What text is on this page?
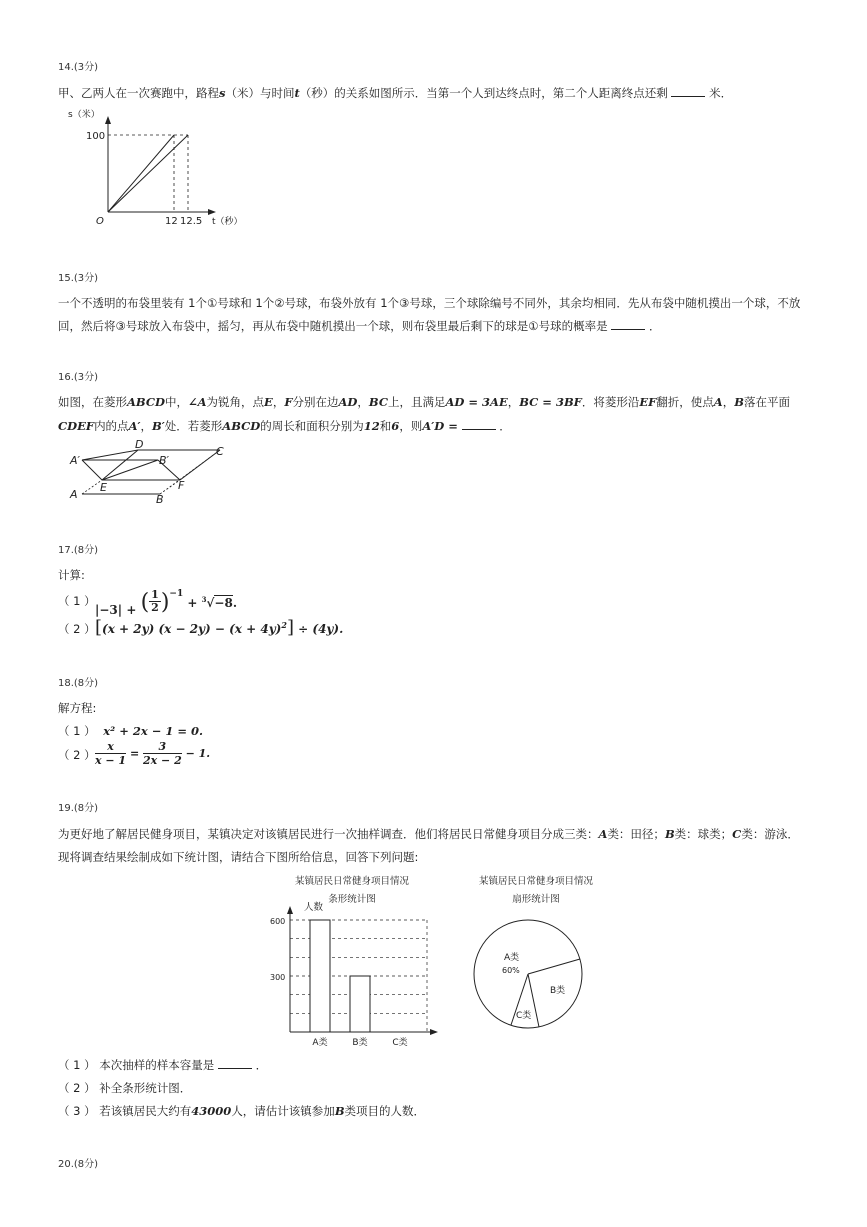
14.(3分)
甲、乙两人在一次赛跑中，路程s（米）与时间t（秒）的关系如图所示．当第一个人到达终点时，第二个人距离终点还剩	米．
s（米）
100
O	12 12.5 t（秒）
15.(3分)
一个不透明的布袋里装有 1个①号球和 1个②号球，布袋外放有 1个③号球，三个球除编号不同外，其余均相同．先从布袋中随机摸出一个球，不放
回，然后将③号球放入布袋中，摇匀，再从布袋中随机摸出一个球，则布袋里最后剩下的球是①号球的概率是	．
16.(3分)
如图，在菱形ABCD中，∠A为锐角，点E，F分别在边AD，BC上，且满足AD = 3AE，BC = 3BF．将菱形沿EF翻折，使点A，B落在平面
CDEF内的点A′，B′处．若菱形ABCD的周长和面积分别为12和6，则A′D =	．
A′
D
C
B′
E	F
A	B
17.(8分)
计算:
（ 1 ）
|−3| + ( $\frac{1}{2} )^{-1} + ^3√-8$.
（ 2 ） [(x + 2y) $(x - 2y) - (x + 4y)^2] \div (4y)$.
18.(8分)
解方程:
（ 1 ） x² + 2x − 1 = 0.
（ 2 ） $\frac{x}{x - 1} = \frac{3}{2x - 2} - 1$.
19.(8分)
为更好地了解居民健身项目，某镇决定对该镇居民进行一次抽样调查．他们将居民日常健身项目分成三类：A类：田径；B类：球类；C类：游泳．
现将调查结果绘制成如下统计图，请结合下图所给信息，回答下列问题:
某镇居民日常健身项目情况
条形统计图
人数
600
300
A类	B类	C类
某镇居民日常健身项目情况
扇形统计图
A类
60%
B类
C类
（ 1 ） 本次抽样的样本容量是	．
（ 2 ） 补全条形统计图．
（ 3 ） 若该镇居民大约有43000人，请估计该镇参加B类项目的人数．
20.(8分)
